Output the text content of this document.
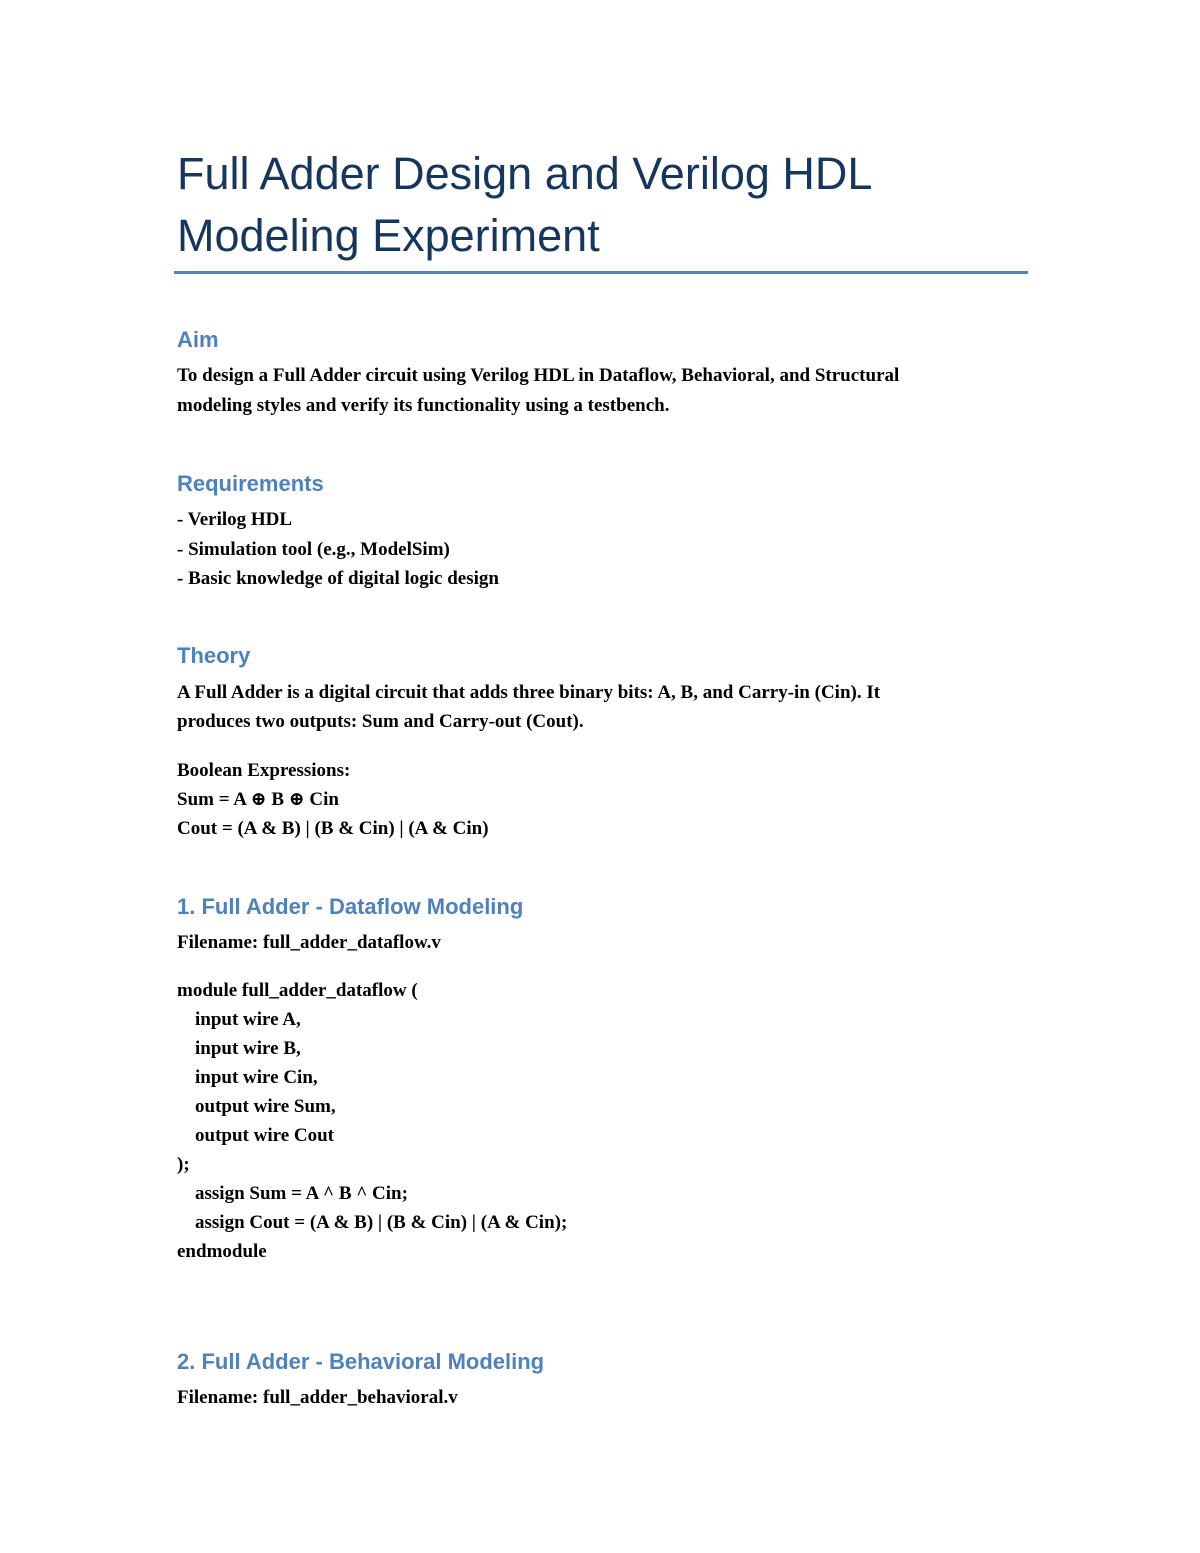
Full Adder Design and Verilog HDL
Modeling Experiment
Aim

To design a Full Adder circuit using Verilog HDL in Dataflow, Behavioral, and Structural

modeling styles and verify its functionality using a testbench.

Requirements

- Verilog HDL

- Simulation tool (e.g., ModelSim)

- Basic knowledge of digital logic design

Theory

A Full Adder is a digital circuit that adds three binary bits: A, B, and Carry-in (Cin). It

produces two outputs: Sum and Carry-out (Cout).

Boolean Expressions:

Sum = A ⊕ B ⊕ Cin

Cout = (A & B) | (B & Cin) | (A & Cin)

1. Full Adder - Dataflow Modeling

Filename: full_adder_dataflow.v

module full_adder_dataflow (
input wire A,
input wire B,
input wire Cin,
output wire Sum,
output wire Cout
);
assign Sum = A ^ B ^ Cin;
assign Cout = (A & B) | (B & Cin) | (A & Cin);
endmodule
2. Full Adder - Behavioral Modeling

Filename: full_adder_behavioral.v
